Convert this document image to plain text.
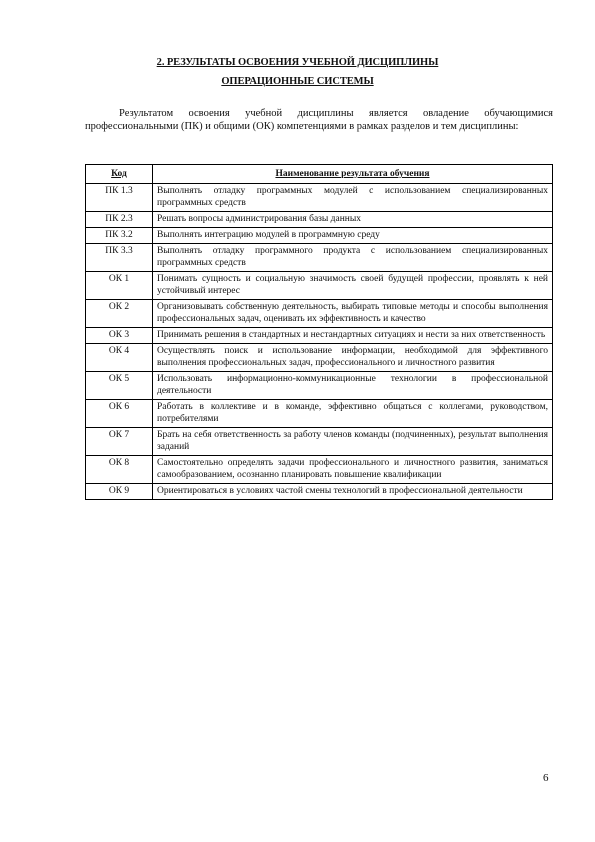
2. РЕЗУЛЬТАТЫ ОСВОЕНИЯ УЧЕБНОЙ ДИСЦИПЛИНЫ
ОПЕРАЦИОННЫЕ СИСТЕМЫ
Результатом освоения учебной дисциплины является овладение обучающимися профессиональными (ПК) и общими (ОК) компетенциями в рамках разделов и тем дисциплины:
Код	Наименование результата обучения
ПК 1.3	Выполнять отладку программных модулей с использованием специализированных программных средств
ПК 2.3	Решать вопросы администрирования базы данных
ПК 3.2	Выполнять интеграцию модулей в программную среду
ПК 3.3	Выполнять отладку программного продукта с использованием специализированных программных средств
ОК 1	Понимать сущность и социальную значимость своей будущей профессии, проявлять к ней устойчивый интерес
ОК 2	Организовывать собственную деятельность, выбирать типовые методы и способы выполнения профессиональных задач, оценивать их эффективность и качество
ОК 3	Принимать решения в стандартных и нестандартных ситуациях и нести за них ответственность
ОК 4	Осуществлять поиск и использование информации, необходимой для эффективного выполнения профессиональных задач, профессионального и личностного развития
ОК 5	Использовать информационно-коммуникационные технологии в профессиональной деятельности
ОК 6	Работать в коллективе и в команде, эффективно общаться с коллегами, руководством, потребителями
ОК 7	Брать на себя ответственность за работу членов команды (подчиненных), результат выполнения заданий
ОК 8	Самостоятельно определять задачи профессионального и личностного развития, заниматься самообразованием, осознанно планировать повышение квалификации
ОК 9	Ориентироваться в условиях частой смены технологий в профессиональной деятельности
6
